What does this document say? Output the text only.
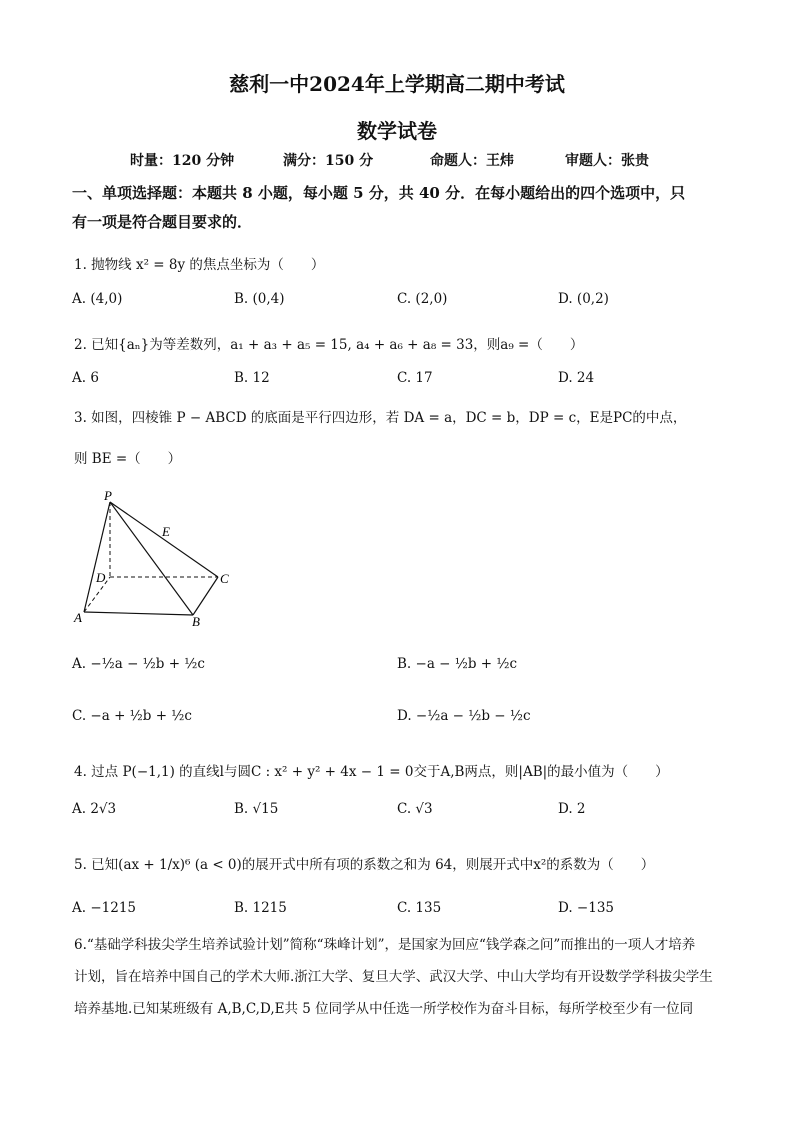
慈利一中2024年上学期高二期中考试
数学试卷
时量：120 分钟	满分：150 分	命题人：王炜	审题人：张贵
一、单项选择题：本题共 8 小题，每小题 5 分，共 40 分．在每小题给出的四个选项中，只
有一项是符合题目要求的．
1. 抛物线 x² = 8y 的焦点坐标为（　　）
A. (4,0)	B. (0,4)	C. (2,0)	D. (0,2)
2. 已知{aₙ}为等差数列，a₁ + a₃ + a₅ = 15, a₄ + a₆ + a₈ = 33，则a₉ =（　　）
A. 6	B. 12	C. 17	D. 24
3. 如图，四棱锥 P − ABCD 的底面是平行四边形，若 DA = a，DC = b，DP = c，E是PC的中点，
则 BE =（　　）
P
E
D	C
A	B
A. −½a − ½b + ½c	B. −a − ½b + ½c
C. −a + ½b + ½c	D. −½a − ½b − ½c
4. 过点 P(−1,1) 的直线l与圆C : x² + y² + 4x − 1 = 0交于A,B两点，则|AB|的最小值为（　　）
A. 2√3	B. √15	C. √3	D. 2
5. 已知(ax + 1/x)⁶ (a < 0)的展开式中所有项的系数之和为 64，则展开式中x²的系数为（　　）
A. −1215	B. 1215	C. 135	D. −135
6.“基础学科拔尖学生培养试验计划”简称“珠峰计划”，是国家为回应“钱学森之问”而推出的一项人才培养
计划，旨在培养中国自己的学术大师.浙江大学、复旦大学、武汉大学、中山大学均有开设数学学科拔尖学生
培养基地.已知某班级有 A,B,C,D,E共 5 位同学从中任选一所学校作为奋斗目标，每所学校至少有一位同
